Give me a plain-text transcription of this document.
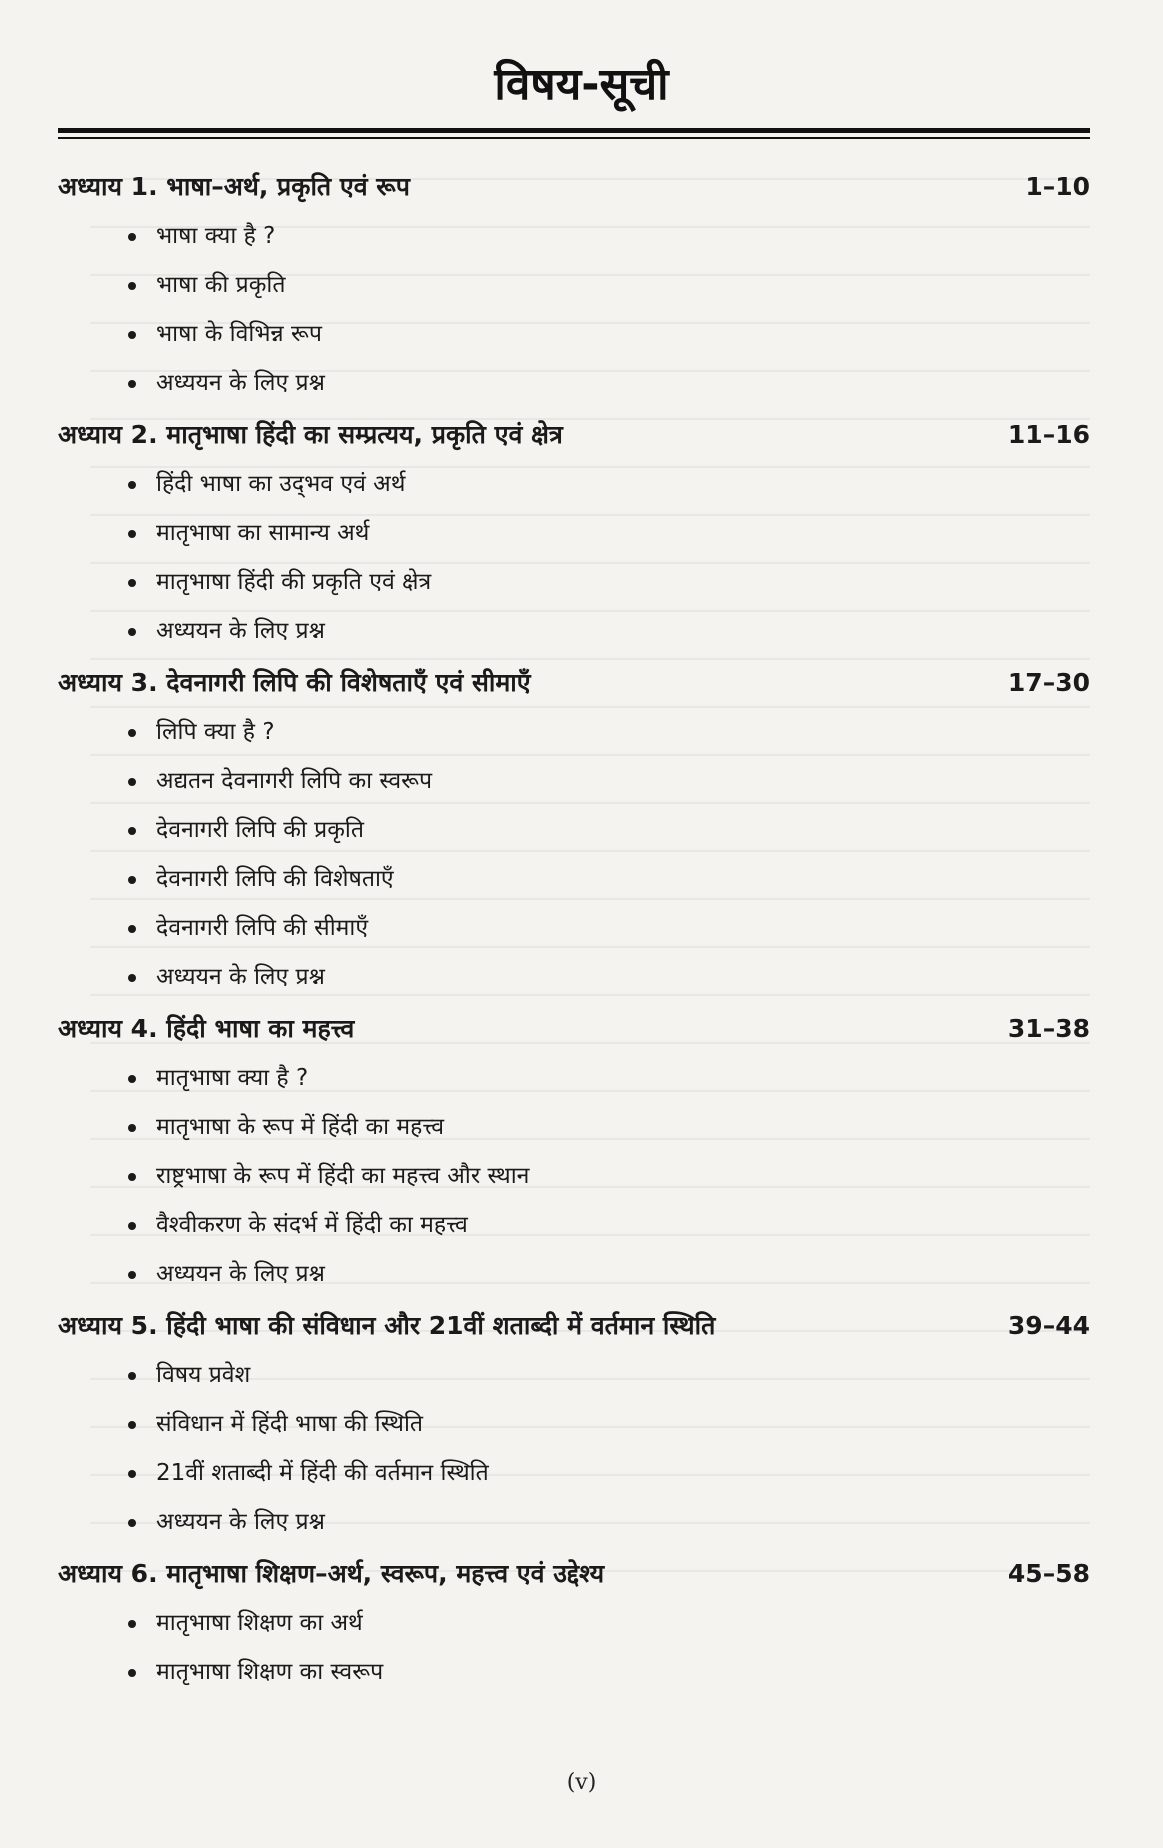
विषय-सूची
अध्याय 1. भाषा–अर्थ, प्रकृति एवं रूप	1–10
भाषा क्या है ?
भाषा की प्रकृति
भाषा के विभिन्न रूप
अध्ययन के लिए प्रश्न
अध्याय 2. मातृभाषा हिंदी का सम्प्रत्यय, प्रकृति एवं क्षेत्र	11–16
हिंदी भाषा का उद्‌भव एवं अर्थ
मातृभाषा का सामान्य अर्थ
मातृभाषा हिंदी की प्रकृति एवं क्षेत्र
अध्ययन के लिए प्रश्न
अध्याय 3. देवनागरी लिपि की विशेषताएँ एवं सीमाएँ	17–30
लिपि क्या है ?
अद्यतन देवनागरी लिपि का स्वरूप
देवनागरी लिपि की प्रकृति
देवनागरी लिपि की विशेषताएँ
देवनागरी लिपि की सीमाएँ
अध्ययन के लिए प्रश्न
अध्याय 4. हिंदी भाषा का महत्त्व	31–38
मातृभाषा क्या है ?
मातृभाषा के रूप में हिंदी का महत्त्व
राष्ट्रभाषा के रूप में हिंदी का महत्त्व और स्थान
वैश्वीकरण के संदर्भ में हिंदी का महत्त्व
अध्ययन के लिए प्रश्न
अध्याय 5. हिंदी भाषा की संविधान और 21वीं शताब्दी में वर्तमान स्थिति	39–44
विषय प्रवेश
संविधान में हिंदी भाषा की स्थिति
21वीं शताब्दी में हिंदी की वर्तमान स्थिति
अध्ययन के लिए प्रश्न
अध्याय 6. मातृभाषा शिक्षण–अर्थ, स्वरूप, महत्त्व एवं उद्देश्य	45–58
मातृभाषा शिक्षण का अर्थ
मातृभाषा शिक्षण का स्वरूप
(v)
